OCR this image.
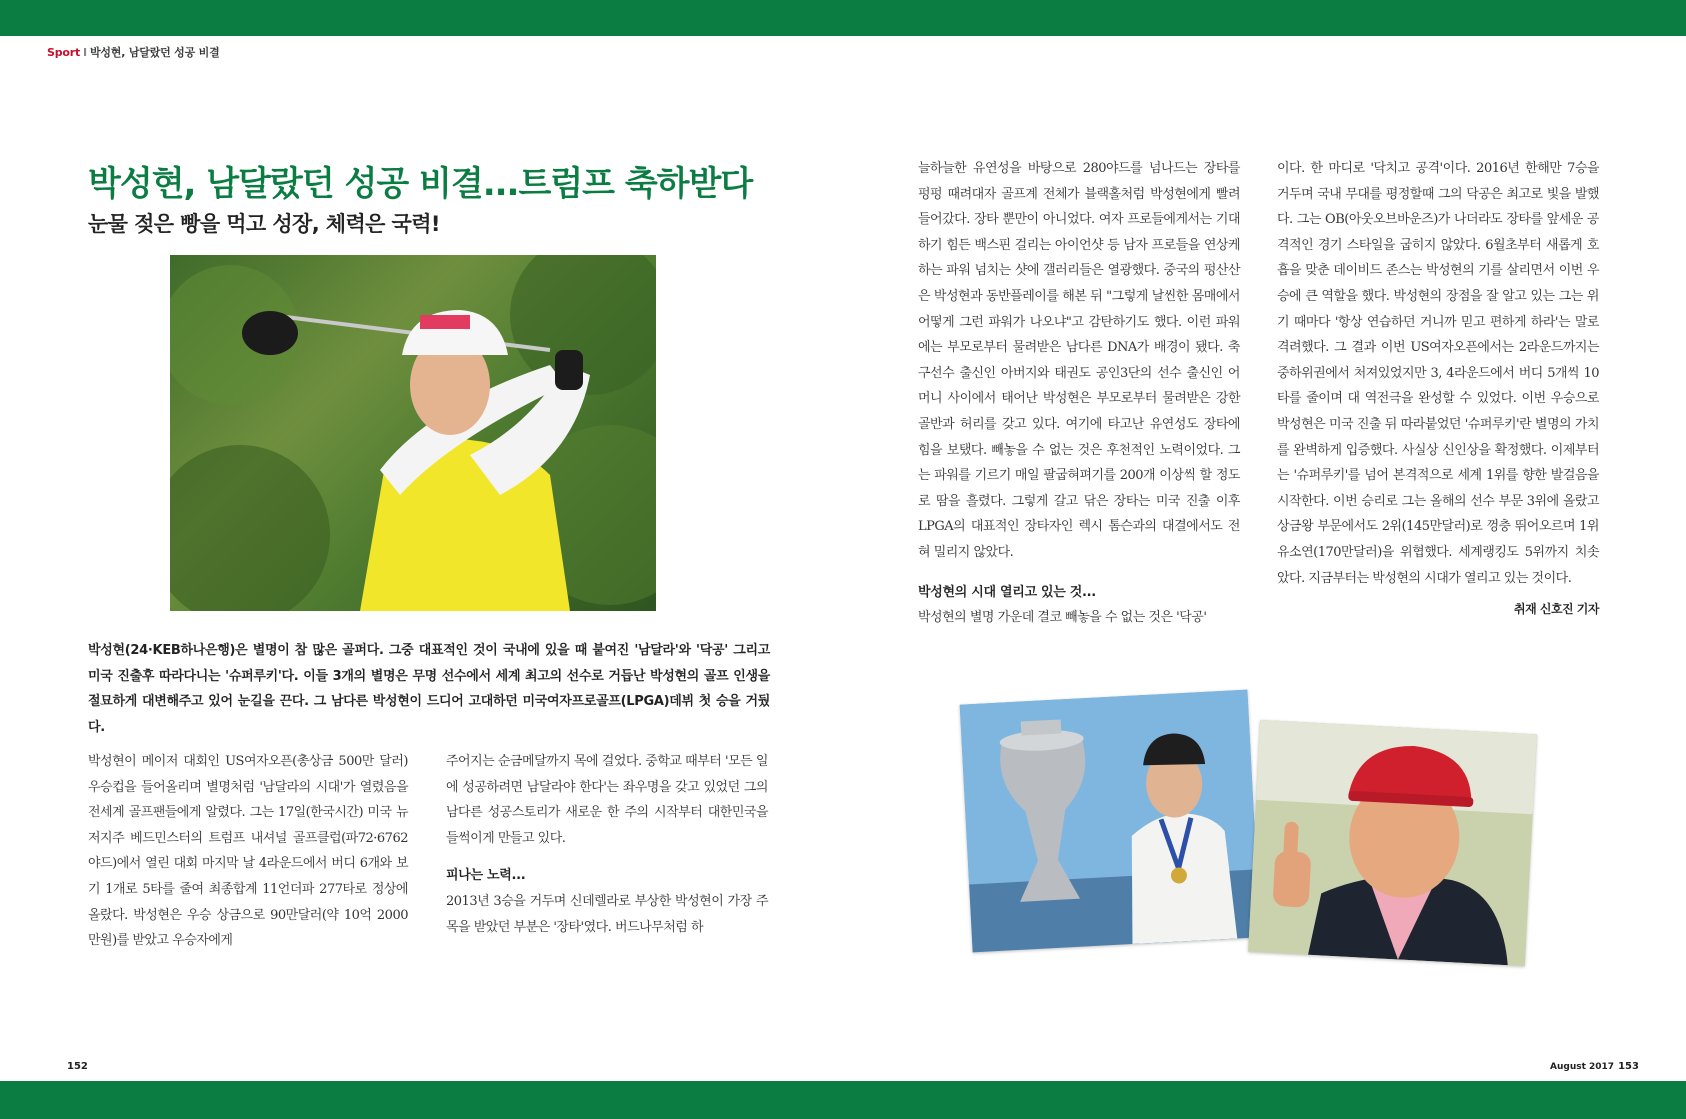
Sport I 박성현, 남달랐던 성공 비결
박성현, 남달랐던 성공 비결...트럼프 축하받다
눈물 젖은 빵을 먹고 성장, 체력은 국력!

박성현(24·KEB하나은행)은 별명이 참 많은 골퍼다. 그중 대표적인 것이 국내에 있을 때 붙여진 '남달라'와 '닥공' 그리고 미국 진출후 따라다니는 '슈퍼루키'다. 이들 3개의 별명은 무명 선수에서 세계 최고의 선수로 거듭난 박성현의 골프 인생을 절묘하게 대변해주고 있어 눈길을 끈다. 그 남다른 박성현이 드디어 고대하던 미국여자프로골프(LPGA)데뷔 첫 승을 거뒀다.

박성현이 메이저 대회인 US여자오픈(총상금 500만 달러) 우승컵을 들어올리며 별명처럼 '남달라의 시대'가 열렸음을 전세계 골프팬들에게 알렸다. 그는 17일(한국시간) 미국 뉴저지주 베드민스터의 트럼프 내셔널 골프클럽(파72·6762야드)에서 열린 대회 마지막 날 4라운드에서 버디 6개와 보기 1개로 5타를 줄여 최종합계 11언더파 277타로 정상에 올랐다. 박성현은 우승 상금으로 90만달러(약 10억 2000만원)를 받았고 우승자에게

주어지는 순금메달까지 목에 걸었다. 중학교 때부터 '모든 일에 성공하려면 남달라야 한다'는 좌우명을 갖고 있었던 그의 남다른 성공스토리가 새로운 한 주의 시작부터 대한민국을 들썩이게 만들고 있다.

피나는 노력...

2013년 3승을 거두며 신데렐라로 부상한 박성현이 가장 주목을 받았던 부분은 '장타'였다. 버드나무처럼 하

늘하늘한 유연성을 바탕으로 280야드를 넘나드는 장타를 펑펑 때려대자 골프계 전체가 블랙홀처럼 박성현에게 빨려들어갔다. 장타 뿐만이 아니었다. 여자 프로들에게서는 기대 하기 힘든 백스핀 걸리는 아이언샷 등 남자 프로들을 연상케 하는 파워 넘치는 샷에 갤러리들은 열광했다. 중국의 펑산산은 박성현과 동반플레이를 해본 뒤 "그렇게 날씬한 몸매에서 어떻게 그런 파워가 나오냐"고 감탄하기도 했다. 이런 파워에는 부모로부터 물려받은 남다른 DNA가 배경이 됐다. 축구선수 출신인 아버지와 태권도 공인3단의 선수 출신인 어머니 사이에서 태어난 박성현은 부모로부터 물려받은 강한 골반과 허리를 갖고 있다. 여기에 타고난 유연성도 장타에 힘을 보탰다. 빼놓을 수 없는 것은 후천적인 노력이었다. 그는 파워를 기르기 매일 팔굽혀펴기를 200개 이상씩 할 정도로 땀을 흘렸다. 그렇게 갈고 닦은 장타는 미국 진출 이후 LPGA의 대표적인 장타자인 렉시 톰슨과의 대결에서도 전혀 밀리지 않았다.

박성현의 시대 열리고 있는 것...

박성현의 별명 가운데 결코 빼놓을 수 없는 것은 '닥공'

이다. 한 마디로 '닥치고 공격'이다. 2016년 한해만 7승을 거두며 국내 무대를 평정할때 그의 닥공은 최고로 빛을 발했다. 그는 OB(아웃오브바운즈)가 나더라도 장타를 앞세운 공격적인 경기 스타일을 굽히지 않았다. 6월초부터 새롭게 호흡을 맞춘 데이비드 존스는 박성현의 기를 살리면서 이번 우승에 큰 역할을 했다. 박성현의 장점을 잘 알고 있는 그는 위기 때마다 '항상 연습하던 거니까 믿고 편하게 하라'는 말로 격려했다. 그 결과 이번 US여자오픈에서는 2라운드까지는 중하위권에서 처져있었지만 3, 4라운드에서 버디 5개씩 10타를 줄이며 대 역전극을 완성할 수 있었다. 이번 우승으로 박성현은 미국 진출 뒤 따라붙었던 '슈퍼루키'란 별명의 가치를 완벽하게 입증했다. 사실상 신인상을 확정했다. 이제부터는 '슈퍼루키'를 넘어 본격적으로 세계 1위를 향한 발걸음을 시작한다. 이번 승리로 그는 올해의 선수 부문 3위에 올랐고 상금왕 부문에서도 2위(145만달러)로 껑충 뛰어오르며 1위 유소연(170만달러)을 위협했다. 세계랭킹도 5위까지 치솟았다. 지금부터는 박성현의 시대가 열리고 있는 것이다.

취재 신호진 기자

152	August 2017 153
